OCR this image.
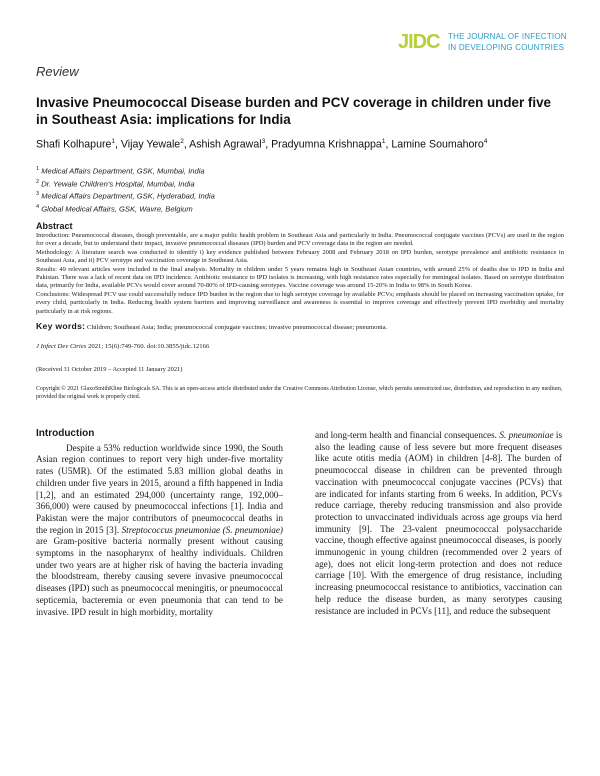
JIDC THE JOURNAL OF INFECTION
IN DEVELOPING COUNTRIES
Review
Invasive Pneumococcal Disease burden and PCV coverage in children under five in Southeast Asia: implications for India
Shafi Kolhapure$^1$, Vijay Yewale$^2$, Ashish Agrawal$^3$, Pradyumna Krishnappa$^1$, Lamine Soumahoro$^4$
$^1$ Medical Affairs Department, GSK, Mumbai, India
$^2$ Dr. Yewale Children's Hospital, Mumbai, India
$^3$ Medical Affairs Department, GSK, Hyderabad, India
$^4$ Global Medical Affairs, GSK, Wavre, Belgium
Abstract

Introduction: Pneumococcal diseases, though preventable, are a major public health problem in Southeast Asia and particularly in India. Pneumococcal conjugate vaccines (PCVs) are used in the region for over a decade, but to understand their impact, invasive pneumococcal diseases (IPD) burden and PCV coverage data in the region are needed.

Methodology: A literature search was conducted to identify i) key evidence published between February 2008 and February 2018 on IPD burden, serotype prevalence and antibiotic resistance in Southeast Asia, and ii) PCV serotype and vaccination coverage in Southeast Asia.

Results: 49 relevant articles were included in the final analysis. Mortality in children under 5 years remains high in Southeast Asian countries, with around 25% of deaths due to IPD in India and Pakistan. There was a lack of recent data on IPD incidence. Antibiotic resistance to IPD isolates is increasing, with high resistance rates especially for meningeal isolates. Based on serotype distribution data, primarily for India, available PCVs would cover around 70-80% of IPD-causing serotypes. Vaccine coverage was around 15-20% in India to 98% in South Korea.

Conclusions: Widespread PCV use could successfully reduce IPD burden in the region due to high serotype coverage by available PCVs; emphasis should be placed on increasing vaccination uptake, for every child, particularly in India. Reducing health system barriers and improving surveillance and awareness is essential to improve coverage and effectively prevent IPD morbidity and mortality particularly in at risk regions.

Key words: Children; Southeast Asia; India; pneumococcal conjugate vaccines; invasive pneumococcal disease; pneumonia.
J Infect Dev Ctries 2021; 15(6):749-760. doi:10.3855/jidc.12166
(Received 31 October 2019 – Accepted 11 January 2021)
Copyright © 2021 GlaxoSmithKline Biologicals SA. This is an open-access article distributed under the Creative Commons Attribution License, which permits unrestricted use, distribution, and reproduction in any medium, provided the original work is properly cited.
Introduction

Despite a 53% reduction worldwide since 1990, the South Asian region continues to report very high under-five mortality rates (U5MR). Of the estimated 5.83 million global deaths in children under five years in 2015, around a fifth happened in India [1,2], and an estimated 294,000 (uncertainty range, 192,000–366,000) were caused by pneumococcal infections [1]. India and Pakistan were the major contributors of pneumococcal deaths in the region in 2015 [3]. Streptococcus pneumoniae (S. pneumoniae) are Gram-positive bacteria normally present without causing symptoms in the nasopharynx of healthy individuals. Children under two years are at higher risk of having the bacteria invading the bloodstream, thereby causing severe invasive pneumococcal diseases (IPD) such as pneumococcal meningitis, or pneumococcal septicemia, bacteremia or even pneumonia that can tend to be invasive. IPD result in high morbidity, mortality

and long-term health and financial consequences. S. pneumoniae is also the leading cause of less severe but more frequent diseases like acute otitis media (AOM) in children [4-8]. The burden of pneumococcal disease in children can be prevented through vaccination with pneumococcal conjugate vaccines (PCVs) that are indicated for infants starting from 6 weeks. In addition, PCVs reduce carriage, thereby reducing transmission and also provide protection to unvaccinated individuals across age groups via herd immunity [9]. The 23-valent pneumococcal polysaccharide vaccine, though effective against pneumococcal diseases, is poorly immunogenic in young children (recommended over 2 years of age), does not elicit long-term protection and does not reduce carriage [10]. With the emergence of drug resistance, including increasing pneumococcal resistance to antibiotics, vaccination can help reduce the disease burden, as many serotypes causing resistance are included in PCVs [11], and reduce the subsequent
